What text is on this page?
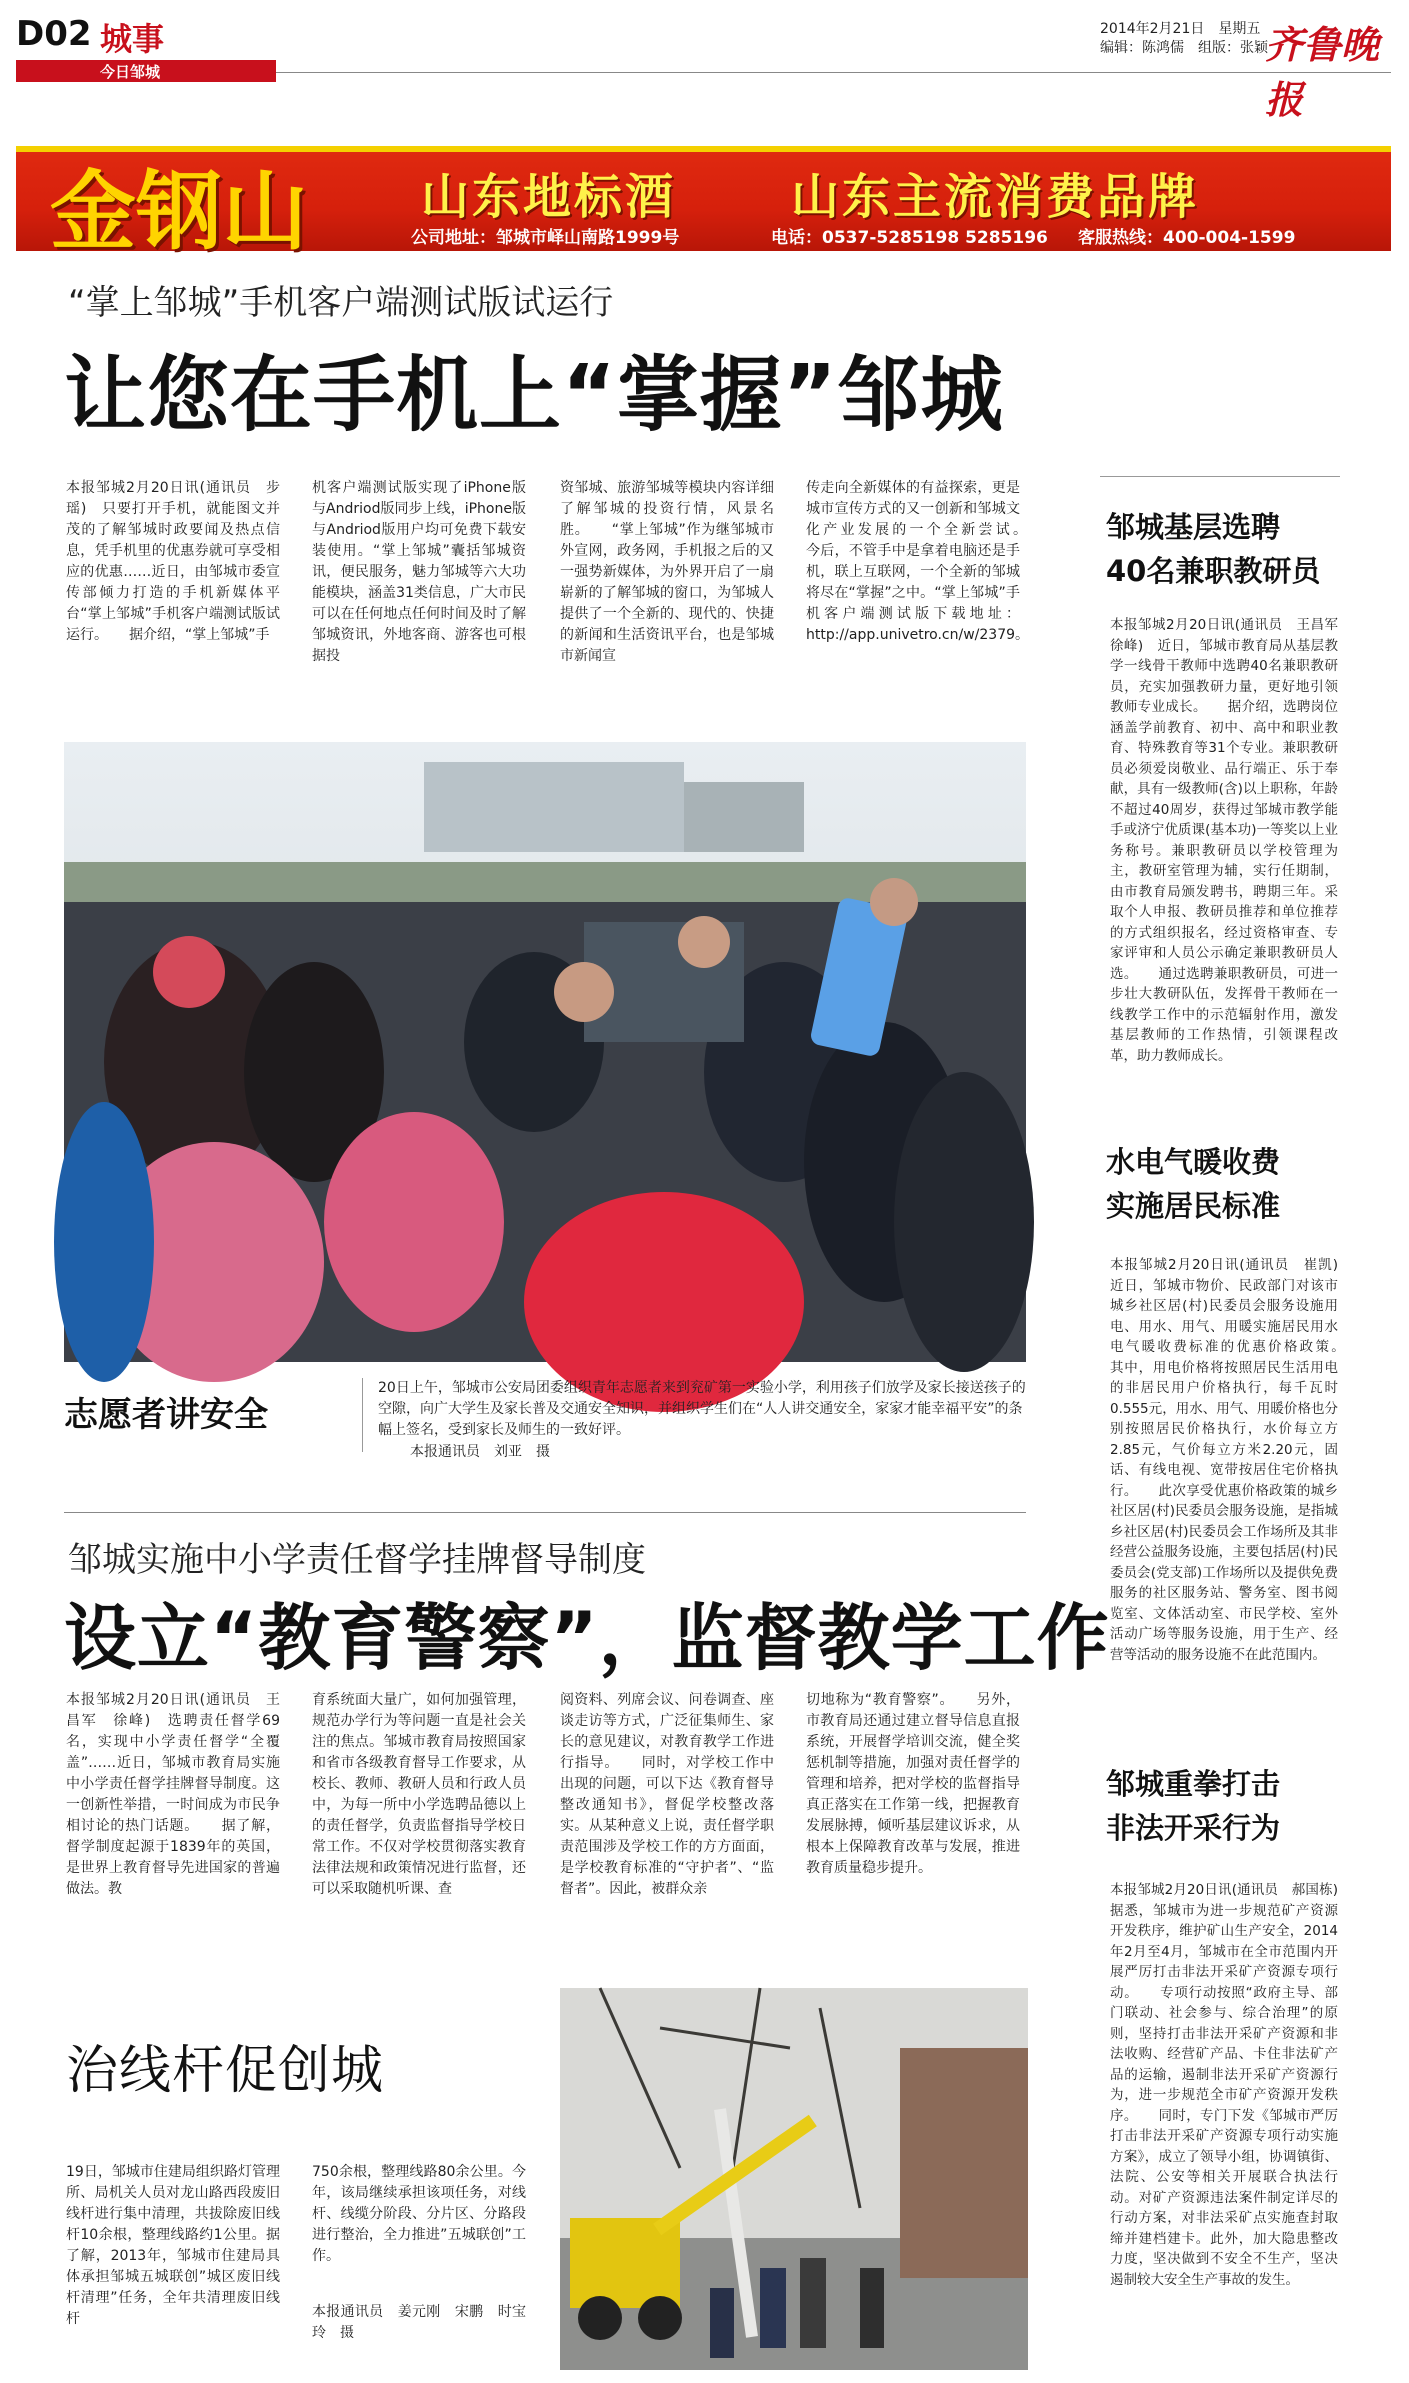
D02 城事
今日邹城
2014年2月21日　星期五
编辑：陈鸿儒　组版：张颖
齐鲁晚报
金钢山 山东地标酒 山东主流消费品牌
公司地址：邹城市峄山南路1999号	电话：0537-5285198 5285196 客服热线：400-004-1599
“掌上邹城”手机客户端测试版试运行
让您在手机上“掌握”邹城
本报邹城2月20日讯(通讯员　步瑶)　只要打开手机，就能图文并茂的了解邹城时政要闻及热点信息，凭手机里的优惠券就可享受相应的优惠……近日，由邹城市委宣传部倾力打造的手机新媒体平台“掌上邹城”手机客户端测试版试运行。　　据介绍，“掌上邹城”手
机客户端测试版实现了iPhone版与Andriod版同步上线，iPhone版与Andriod版用户均可免费下载安装使用。“掌上邹城”囊括邹城资讯，便民服务，魅力邹城等六大功能模块，涵盖31类信息，广大市民可以在任何地点任何时间及时了解邹城资讯，外地客商、游客也可根据投
资邹城、旅游邹城等模块内容详细了解邹城的投资行情，风景名胜。　　“掌上邹城”作为继邹城市外宣网，政务网，手机报之后的又一强势新媒体，为外界开启了一扇崭新的了解邹城的窗口，为邹城人提供了一个全新的、现代的、快捷的新闻和生活资讯平台，也是邹城市新闻宣
传走向全新媒体的有益探索，更是城市宣传方式的又一创新和邹城文化产业发展的一个全新尝试。　　今后，不管手中是拿着电脑还是手机，联上互联网，一个全新的邹城将尽在“掌握”之中。“掌上邹城”手机客户端测试版下载地址：http://app.univetro.cn/w/2379。
志愿者讲安全
20日上午，邹城市公安局团委组织青年志愿者来到兖矿第一实验小学，利用孩子们放学及家长接送孩子的空隙，向广大学生及家长普及交通安全知识，并组织学生们在“人人讲交通安全，家家才能幸福平安”的条幅上签名，受到家长及师生的一致好评。
本报通讯员　刘亚　摄
邹城实施中小学责任督学挂牌督导制度
设立“教育警察”，监督教学工作
本报邹城2月20日讯(通讯员　王昌军　徐峰)　选聘责任督学69名，实现中小学责任督学“全覆盖”……近日，邹城市教育局实施中小学责任督学挂牌督导制度。这一创新性举措，一时间成为市民争相讨论的热门话题。　　据了解，督学制度起源于1839年的英国，是世界上教育督导先进国家的普遍做法。教
育系统面大量广，如何加强管理，规范办学行为等问题一直是社会关注的焦点。邹城市教育局按照国家和省市各级教育督导工作要求，从校长、教师、教研人员和行政人员中，为每一所中小学选聘品德以上的责任督学，负责监督指导学校日常工作。不仅对学校贯彻落实教育法律法规和政策情况进行监督，还可以采取随机听课、查
阅资料、列席会议、问卷调查、座谈走访等方式，广泛征集师生、家长的意见建议，对教育教学工作进行指导。　　同时，对学校工作中出现的问题，可以下达《教育督导整改通知书》，督促学校整改落实。从某种意义上说，责任督学职责范围涉及学校工作的方方面面，是学校教育标准的“守护者”、“监督者”。因此，被群众亲
切地称为“教育警察”。　　另外，市教育局还通过建立督导信息直报系统，开展督学培训交流，健全奖惩机制等措施，加强对责任督学的管理和培养，把对学校的监督指导真正落实在工作第一线，把握教育发展脉搏，倾听基层建议诉求，从根本上保障教育改革与发展，推进教育质量稳步提升。
治线杆促创城
19日，邹城市住建局组织路灯管理所、局机关人员对龙山路西段废旧线杆进行集中清理，共拔除废旧线杆10余根，整理线路约1公里。据了解，2013年，邹城市住建局具体承担邹城五城联创”城区废旧线杆清理”任务，全年共清理废旧线杆
750余根，整理线路80余公里。今年，该局继续承担该项任务，对线杆、线缆分阶段、分片区、分路段进行整治，全力推进”五城联创”工作。
本报通讯员　姜元刚　宋鹏　时宝玲　摄
邹城基层选聘
40名兼职教研员
本报邹城2月20日讯(通讯员　王昌军　徐峰)　近日，邹城市教育局从基层教学一线骨干教师中选聘40名兼职教研员，充实加强教研力量，更好地引领教师专业成长。　　据介绍，选聘岗位涵盖学前教育、初中、高中和职业教育、特殊教育等31个专业。兼职教研员必须爱岗敬业、品行端正、乐于奉献，具有一级教师(含)以上职称，年龄不超过40周岁，获得过邹城市教学能手或济宁优质课(基本功)一等奖以上业务称号。兼职教研员以学校管理为主，教研室管理为辅，实行任期制，由市教育局颁发聘书，聘期三年。采取个人申报、教研员推荐和单位推荐的方式组织报名，经过资格审查、专家评审和人员公示确定兼职教研员人选。　　通过选聘兼职教研员，可进一步壮大教研队伍，发挥骨干教师在一线教学工作中的示范辐射作用，激发基层教师的工作热情，引领课程改革，助力教师成长。
水电气暖收费
实施居民标准
本报邹城2月20日讯(通讯员　崔凯)　近日，邹城市物价、民政部门对该市城乡社区居(村)民委员会服务设施用电、用水、用气、用暖实施居民用水电气暖收费标准的优惠价格政策。　　其中，用电价格将按照居民生活用电的非居民用户价格执行，每千瓦时0.555元，用水、用气、用暖价格也分别按照居民价格执行，水价每立方2.85元，气价每立方米2.20元，固话、有线电视、宽带按居住宅价格执行。　　此次享受优惠价格政策的城乡社区居(村)民委员会服务设施，是指城乡社区居(村)民委员会工作场所及其非经营公益服务设施，主要包括居(村)民委员会(党支部)工作场所以及提供免费服务的社区服务站、警务室、图书阅览室、文体活动室、市民学校、室外活动广场等服务设施，用于生产、经营等活动的服务设施不在此范围内。
邹城重拳打击
非法开采行为
本报邹城2月20日讯(通讯员　郝国栋)　据悉，邹城市为进一步规范矿产资源开发秩序，维护矿山生产安全，2014年2月至4月，邹城市在全市范围内开展严厉打击非法开采矿产资源专项行动。　　专项行动按照“政府主导、部门联动、社会参与、综合治理”的原则，坚持打击非法开采矿产资源和非法收购、经营矿产品、卡住非法矿产品的运输，遏制非法开采矿产资源行为，进一步规范全市矿产资源开发秩序。　　同时，专门下发《邹城市严厉打击非法开采矿产资源专项行动实施方案》，成立了领导小组，协调镇街、法院、公安等相关开展联合执法行动。对矿产资源违法案件制定详尽的行动方案，对非法采矿点实施查封取缔并建档建卡。此外，加大隐患整改力度，坚决做到不安全不生产，坚决遏制较大安全生产事故的发生。
